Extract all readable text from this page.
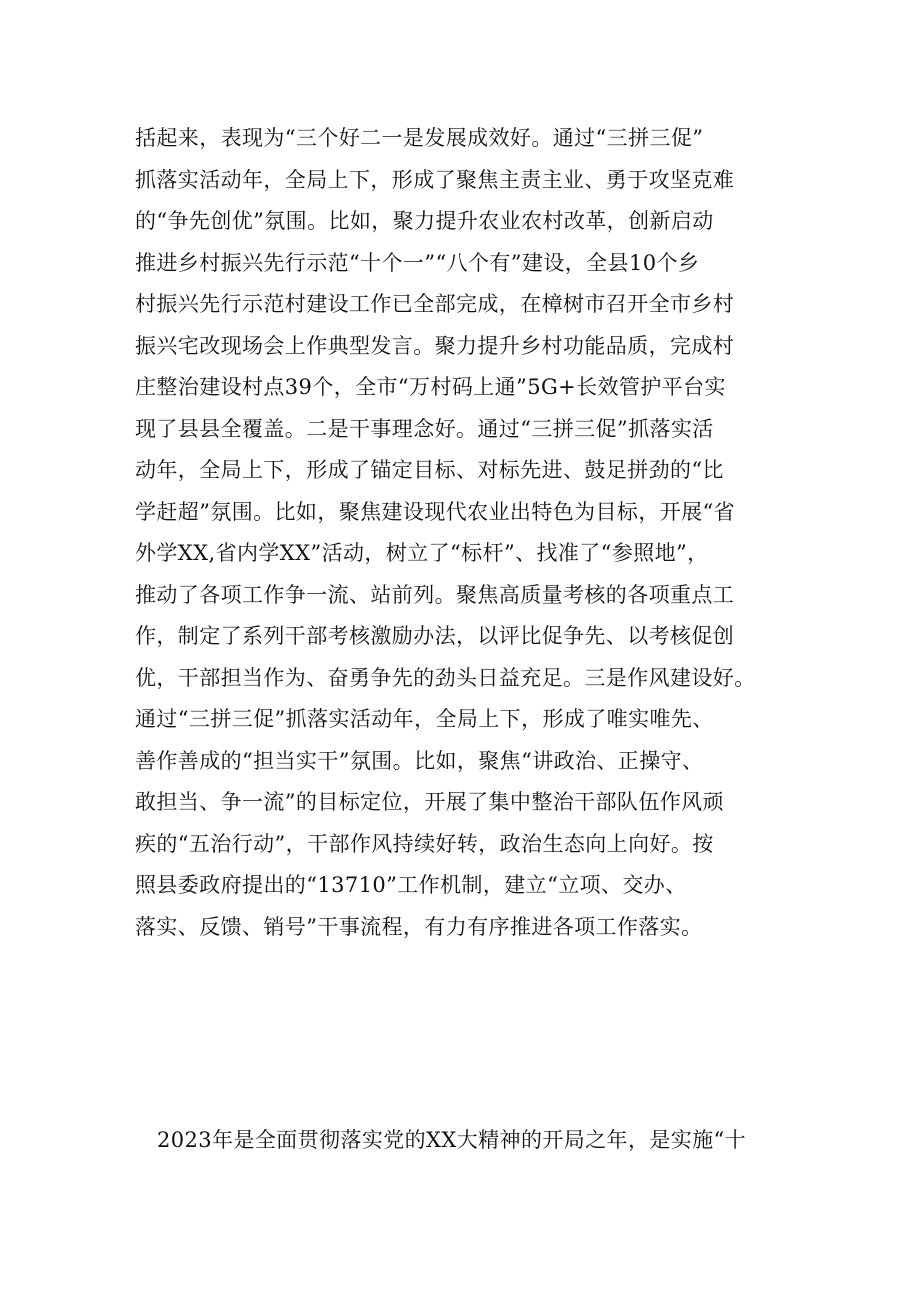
括起来，表现为“三个好二一是发展成效好。通过“三拼三促”
抓落实活动年，全局上下，形成了聚焦主责主业、勇于攻坚克难
的“争先创优”氛围。比如，聚力提升农业农村改革，创新启动
推进乡村振兴先行示范“十个一”“八个有”建设，全县10个乡
村振兴先行示范村建设工作已全部完成，在樟树市召开全市乡村
振兴宅改现场会上作典型发言。聚力提升乡村功能品质，完成村
庄整治建设村点39个，全市“万村码上通”5G+长效管护平台实
现了县县全覆盖。二是干事理念好。通过“三拼三促”抓落实活
动年，全局上下，形成了锚定目标、对标先进、鼓足拼劲的“比
学赶超”氛围。比如，聚焦建设现代农业出特色为目标，开展“省
外学XX,省内学XX”活动，树立了“标杆”、找准了“参照地”，
推动了各项工作争一流、站前列。聚焦高质量考核的各项重点工
作，制定了系列干部考核激励办法，以评比促争先、以考核促创
优，干部担当作为、奋勇争先的劲头日益充足。三是作风建设好。
通过“三拼三促”抓落实活动年，全局上下，形成了唯实唯先、
善作善成的“担当实干”氛围。比如，聚焦“讲政治、正操守、
敢担当、争一流”的目标定位，开展了集中整治干部队伍作风顽
疾的“五治行动”，干部作风持续好转，政治生态向上向好。按
照县委政府提出的“13710”工作机制，建立“立项、交办、
落实、反馈、销号”干事流程，有力有序推进各项工作落实。
2023年是全面贯彻落实党的XX大精神的开局之年，是实施“十
